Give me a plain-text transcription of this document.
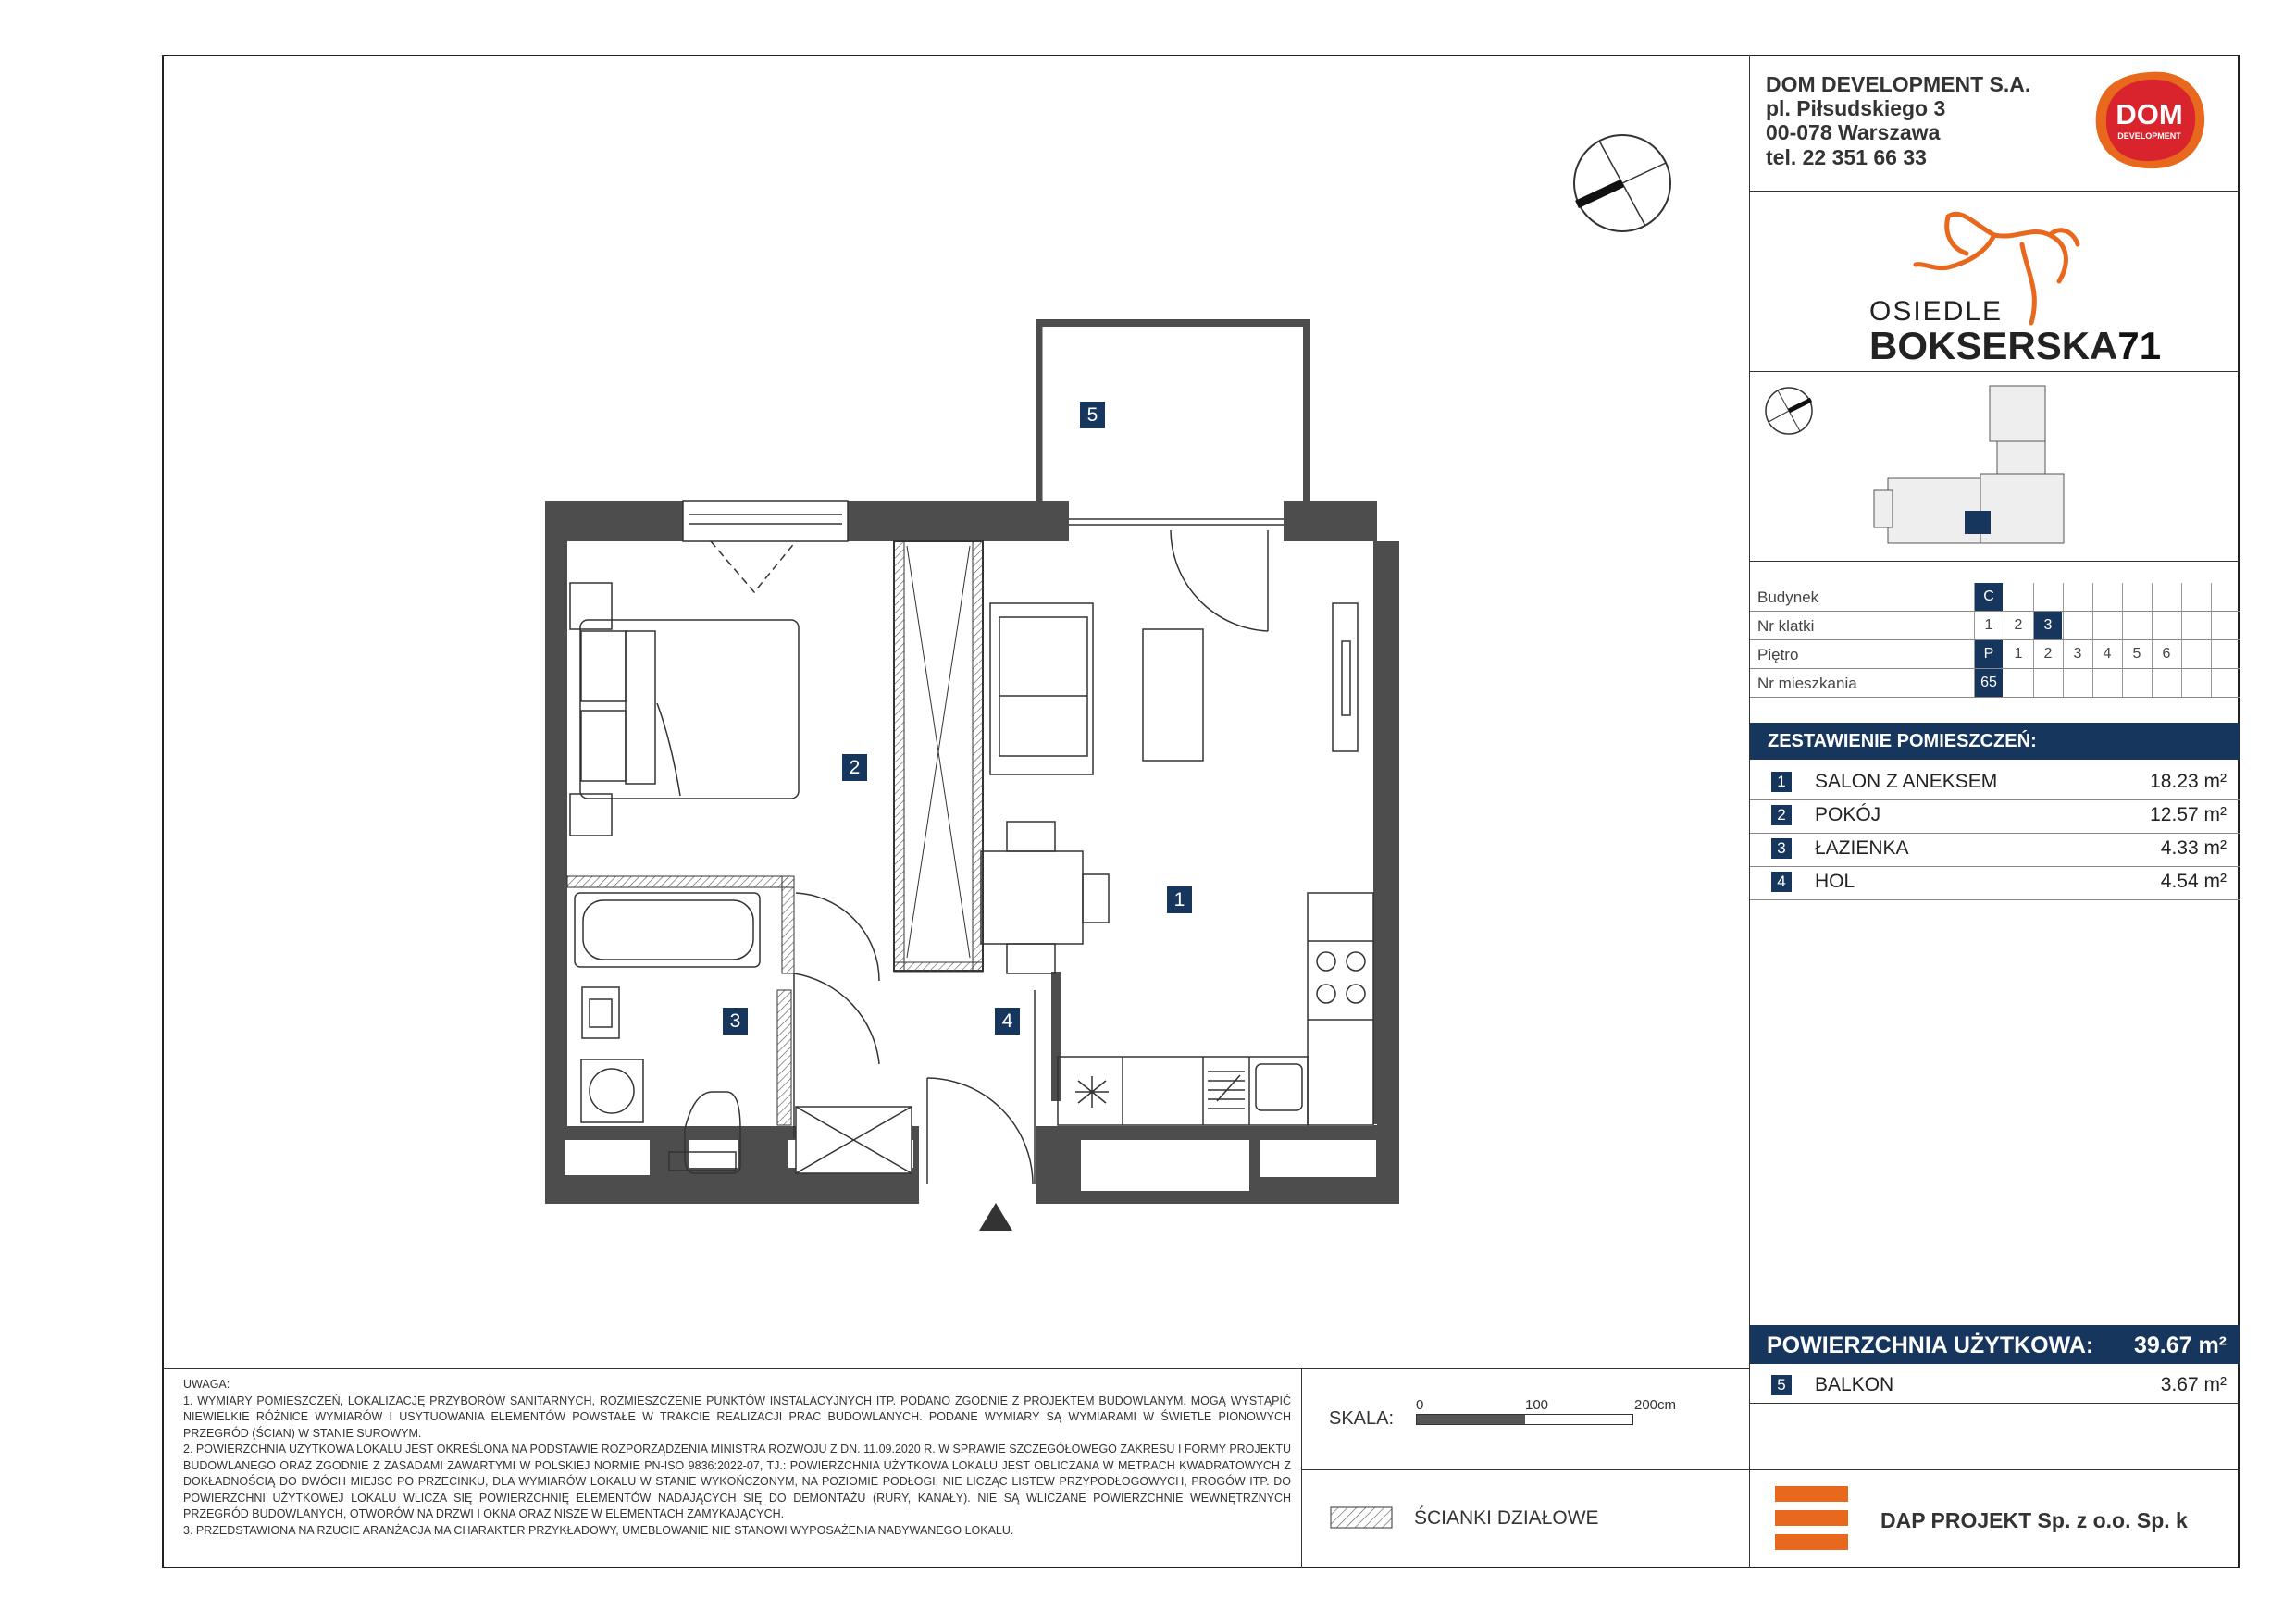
1
2
3	4
5
DOM DEVELOPMENT S.A.
pl. Piłsudskiego 3
00-078 Warszawa
tel. 22 351 66 33
DOM
DEVELOPMENT
OSIEDLE
BOKSERSKA71
Budynek	C
Nr klatki	1	2	3
Piętro	P	1	2	3	4	5	6
Nr mieszkania	65
ZESTAWIENIE POMIESZCZEŃ:
1 SALON Z ANEKSEM	18.23 m²
2 POKÓJ	12.57 m²
3 ŁAZIENKA	4.33 m²
4 HOL	4.54 m²
POWIERZCHNIA UŻYTKOWA: 39.67 m²
5 BALKON	3.67 m²
DAP PROJEKT Sp. z o.o. Sp. k
UWAGA:
1. WYMIARY POMIESZCZEŃ, LOKALIZACJĘ PRZYBORÓW SANITARNYCH, ROZMIESZCZENIE PUNKTÓW INSTALACYJNYCH ITP. PODANO ZGODNIE Z PROJEKTEM BUDOWLANYM. MOGĄ WYSTĄPIĆ NIEWIELKIE RÓŻNICE WYMIARÓW I USYTUOWANIA ELEMENTÓW POWSTAŁE W TRAKCIE REALIZACJI PRAC BUDOWLANYCH. PODANE WYMIARY SĄ WYMIARAMI W ŚWIETLE PIONOWYCH PRZEGRÓD (ŚCIAN) W STANIE SUROWYM.
2. POWIERZCHNIA UŻYTKOWA LOKALU JEST OKREŚLONA NA PODSTAWIE ROZPORZĄDZENIA MINISTRA ROZWOJU Z DN. 11.09.2020 R. W SPRAWIE SZCZEGÓŁOWEGO ZAKRESU I FORMY PROJEKTU BUDOWLANEGO ORAZ ZGODNIE Z ZASADAMI ZAWARTYMI W POLSKIEJ NORMIE PN-ISO 9836:2022-07, TJ.: POWIERZCHNIA UŻYTKOWA LOKALU JEST OBLICZANA W METRACH KWADRATOWYCH Z DOKŁADNOŚCIĄ DO DWÓCH MIEJSC PO PRZECINKU, DLA WYMIARÓW LOKALU W STANIE WYKOŃCZONYM, NA POZIOMIE PODŁOGI, NIE LICZĄC LISTEW PRZYPODŁOGOWYCH, PROGÓW ITP. DO POWIERZCHNI UŻYTKOWEJ LOKALU WLICZA SIĘ POWIERZCHNIĘ ELEMENTÓW NADAJĄCYCH SIĘ DO DEMONTAŻU (RURY, KANAŁY). NIE SĄ WLICZANE POWIERZCHNIE WEWNĘTRZNYCH PRZEGRÓD BUDOWLANYCH, OTWORÓW NA DRZWI I OKNA ORAZ NISZE W ELEMENTACH ZAMYKAJĄCYCH.
3. PRZEDSTAWIONA NA RZUCIE ARANŻACJA MA CHARAKTER PRZYKŁADOWY, UMEBLOWANIE NIE STANOWI WYPOSAŻENIA NABYWANEGO LOKALU.
SKALA:
0	100	200cm
ŚCIANKI DZIAŁOWE
